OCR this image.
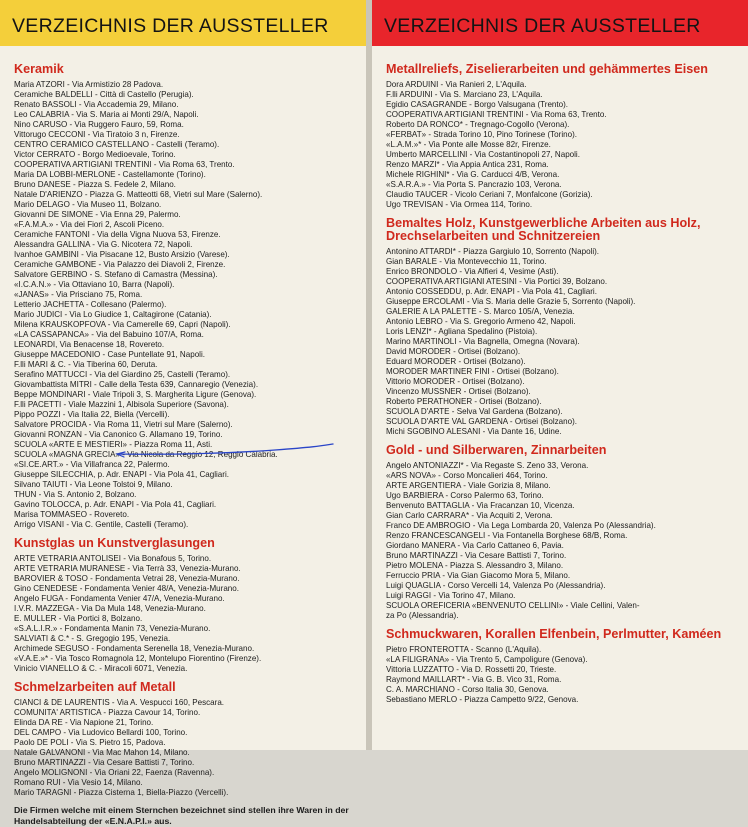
VERZEICHNIS DER AUSSTELLER
Keramik
Maria ATZORI - Via Armistizio 28 Padova.
Ceramiche BALDELLI - Città di Castello (Perugia).
Renato BASSOLI - Via Accademia 29, Milano.
Leo CALABRIA - Via S. Maria ai Monti 29/A, Napoli.
Nino CARUSO - Via Ruggero Fauro, 59, Roma.
Vittorugo CECCONI - Via Tiratoio 3 n, Firenze.
CENTRO CERAMICO CASTELLANO - Castelli (Teramo).
Victor CERRATO - Borgo Medioevale, Torino.
COOPERATIVA ARTIGIANI TRENTINI - Via Roma 63, Trento.
Maria DA LOBBI-MERLONE - Castellamonte (Torino).
Bruno DANESE - Piazza S. Fedele 2, Milano.
Natale D'ARIENZO - Piazza G. Matteotti 68, Vietri sul Mare (Salerno).
Mario DELAGO - Via Museo 11, Bolzano.
Giovanni DE SIMONE - Via Enna 29, Palermo.
«F.A.M.A.» - Via dei Fiori 2, Ascoli Piceno.
Ceramiche FANTONI - Via della Vigna Nuova 53, Firenze.
Alessandra GALLINA - Via G. Nicotera 72, Napoli.
Ivanhoe GAMBINI - Via Pisacane 12, Busto Arsizio (Varese).
Ceramiche GAMBONE - Via Palazzo dei Diavoli 2, Firenze.
Salvatore GERBINO - S. Stefano di Camastra (Messina).
«I.C.A.N.» - Via Ottaviano 10, Barra (Napoli).
«JANAS» - Via Prisciano 75, Roma.
Letterio JACHETTA - Collesano (Palermo).
Mario JUDICI - Via Lo Giudice 1, Caltagirone (Catania).
Milena KRAUSKOPFOVA - Via Camerelle 69, Capri (Napoli).
«LA CASSAPANCA» - Via del Babuino 107/A, Roma.
LEONARDI, Via Benacense 18, Rovereto.
Giuseppe MACEDONIO - Case Puntellate 91, Napoli.
F.lli MARI & C. - Via Tiberina 60, Deruta.
Serafino MATTUCCI - Via del Giardino 25, Castelli (Teramo).
Giovambattista MITRI - Calle della Testa 639, Cannaregio (Venezia).
Beppe MONDINARI - Viale Tripoli 3, S. Margherita Ligure (Genova).
F.lli PACETTI - Viale Mazzini 1, Albisola Superiore (Savona).
Pippo POZZI - Via Italia 22, Biella (Vercelli).
Salvatore PROCIDA - Via Roma 11, Vietri sul Mare (Salerno).
Giovanni RONZAN - Via Canonico G. Allamano 19, Torino.
SCUOLA «ARTE E MESTIERI» - Piazza Roma 11, Asti.
SCUOLA «MAGNA GRECIA» - Via Nicola da Reggio 12, Reggio Calabria.
«SI.CE.ART.» - Via Villafranca 22, Palermo.
Giuseppe SILECCHIA, p. Adr. ENAPI - Via Pola 41, Cagliari.
Silvano TAIUTI - Via Leone Tolstoi 9, Milano.
THUN - Via S. Antonio 2, Bolzano.
Gavino TOLOCCA, p. Adr. ENAPI - Via Pola 41, Cagliari.
Marisa TOMMASEO - Rovereto.
Arrigo VISANI - Via C. Gentile, Castelli (Teramo).
Kunstglas un Kunstverglasungen
ARTE VETRARIA ANTOLISEI - Via Bonafous 5, Torino.
ARTE VETRARIA MURANESE - Via Terrà 33, Venezia-Murano.
BAROVIER & TOSO - Fondamenta Vetrai 28, Venezia-Murano.
Gino CENEDESE - Fondamenta Venier 48/A, Venezia-Murano.
Angelo FUGA - Fondamenta Venier 47/A, Venezia-Murano.
I.V.R. MAZZEGA - Via Da Mula 148, Venezia-Murano.
E. MULLER - Via Portici 8, Bolzano.
«S.A.L.I.R.» - Fondamenta Manin 73, Venezia-Murano.
SALVIATI & C.* - S. Gregogio 195, Venezia.
Archimede SEGUSO - Fondamenta Serenella 18, Venezia-Murano.
«V.A.E.»* - Via Tosco Romagnola 12, Montelupo Fiorentino (Firenze).
Vinicio VIANELLO & C. - Miracoli 6071, Venezia.
Schmelzarbeiten auf Metall
CIANCI & DE LAURENTIS - Via A. Vespucci 160, Pescara.
COMUNITA' ARTISTICA - Piazza Cavour 14, Torino.
Elinda DA RE - Via Napione 21, Torino.
DEL CAMPO - Via Ludovico Bellardi 100, Torino.
Paolo DE POLI - Via S. Pietro 15, Padova.
Natale GALVANONI - Via Mac Mahon 14, Milano.
Bruno MARTINAZZI - Via Cesare Battisti 7, Torino.
Angelo MOLIGNONI - Via Oriani 22, Faenza (Ravenna).
Romano RUI - Via Vesio 14, Milano.
Mario TARAGNI - Piazza Cisterna 1, Biella-Piazzo (Vercelli).
Die Firmen welche mit einem Sternchen bezeichnet sind stellen ihre Waren in der Handelsabteilung der «E.N.A.P.I.» aus.
VERZEICHNIS DER AUSSTELLER
Metallreliefs, Ziselierarbeiten und gehämmertes Eisen
Dora ARDUINI - Via Ranieri 2, L'Aquila.
F.lli ARDUINI - Via S. Marciano 23, L'Aquila.
Egidio CASAGRANDE - Borgo Valsugana (Trento).
COOPERATIVA ARTIGIANI TRENTINI - Via Roma 63, Trento.
Roberto DA RONCO* - Tregnago-Cogollo (Verona).
«FERBAT» - Strada Torino 10, Pino Torinese (Torino).
«L.A.M.»* - Via Ponte alle Mosse 82r, Firenze.
Umberto MARCELLINI - Via Costantinopoli 27, Napoli.
Renzo MARZI* - Via Appia Antica 231, Roma.
Michele RIGHINI* - Via G. Carducci 4/B, Verona.
«S.A.R.A.» - Via Porta S. Pancrazio 103, Verona.
Claudio TAUCER - Vicolo Ceriani 7, Monfalcone (Gorizia).
Ugo TREVISAN - Via Ormea 114, Torino.
Bemaltes Holz, Kunstgewerbliche Arbeiten aus Holz, Drechselarbeiten und Schnitzereien
Antonino ATTARDI* - Piazza Gargiulo 10, Sorrento (Napoli).
Gian BARALE - Via Montevecchio 11, Torino.
Enrico BRONDOLO - Via Alfieri 4, Vesime (Asti).
COOPERATIVA ARTIGIANI ATESINI - Via Portici 39, Bolzano.
Antonio COSSEDDU, p. Adr. ENAPI - Via Pola 41, Cagliari.
Giuseppe ERCOLAMI - Via S. Maria delle Grazie 5, Sorrento (Napoli).
GALERIE A LA PALETTE - S. Marco 105/A, Venezia.
Antonio LEBRO - Via S. Gregorio Armeno 42, Napoli.
Loris LENZI* - Agliana Spedalino (Pistoia).
Marino MARTINOLI - Via Bagnella, Omegna (Novara).
David MORODER - Ortisei (Bolzano).
Eduard MORODER - Ortisei (Bolzano).
MORODER MARTINER FINI - Ortisei (Bolzano).
Vittorio MORODER - Ortisei (Bolzano).
Vincenzo MUSSNER - Ortisei (Bolzano).
Roberto PERATHONER - Ortisei (Bolzano).
SCUOLA D'ARTE - Selva Val Gardena (Bolzano).
SCUOLA D'ARTE VAL GARDENA - Ortisei (Bolzano).
Michi SGOBINO ALESANI - Via Dante 16, Udine.
Gold - und Silberwaren, Zinnarbeiten
Angelo ANTONIAZZI* - Via Regaste S. Zeno 33, Verona.
«ARS NOVA» - Corso Moncalieri 464, Torino.
ARTE ARGENTIERA - Viale Gorizia 8, Milano.
Ugo BARBIERA - Corso Palermo 63, Torino.
Benvenuto BATTAGLIA - Via Fracanzan 10, Vicenza.
Gian Carlo CARRARA* - Via Acquiti 2, Verona.
Franco DE AMBROGIO - Via Lega Lombarda 20, Valenza Po (Alessandria).
Renzo FRANCESCANGELI - Via Fontanella Borghese 68/B, Roma.
Giordano MANERA - Via Carlo Cattaneo 6, Pavia.
Bruno MARTINAZZI - Via Cesare Battisti 7, Torino.
Pietro MOLENA - Piazza S. Alessandro 3, Milano.
Ferruccio PRIA - Via Gian Giacomo Mora 5, Milano.
Luigi QUAGLIA - Corso Vercelli 14, Valenza Po (Alessandria).
Luigi RAGGI - Via Torino 47, Milano.
SCUOLA OREFICERIA «BENVENUTO CELLINI» - Viale Cellini, Valen-
za Po (Alessandria).
Schmuckwaren, Korallen Elfenbein, Perlmutter, Kaméen
Pietro FRONTEROTTA - Scanno (L'Aquila).
«LA FILIGRANA» - Via Trento 5, Campoligure (Genova).
Vittoria LUZZATTO - Via D. Rossetti 20, Trieste.
Raymond MAILLART* - Via G. B. Vico 31, Roma.
C. A. MARCHIANO - Corso Italia 30, Genova.
Sebastiano MERLO - Piazza Campetto 9/22, Genova.
